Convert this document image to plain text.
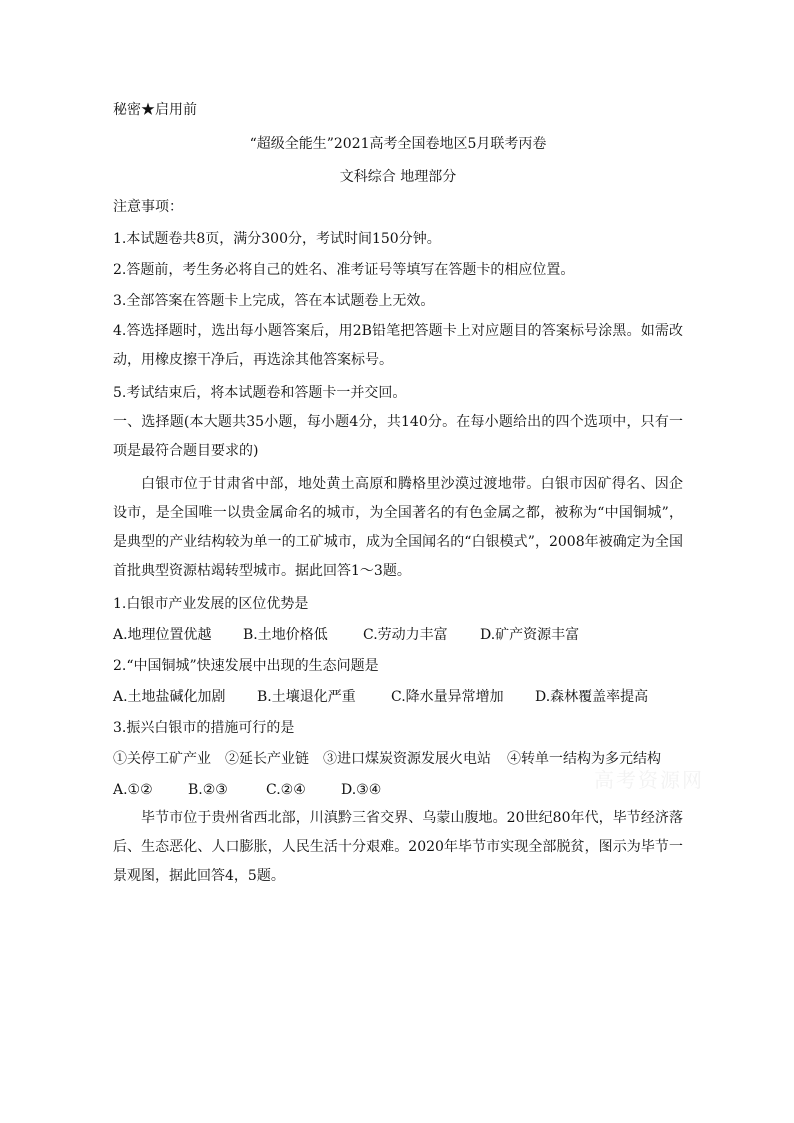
秘密★启用前
“超级全能生”2021高考全国卷地区5月联考丙卷
文科综合 地理部分
注意事项：
1.本试题卷共8页，满分300分，考试时间150分钟。
2.答题前，考生务必将自己的姓名、准考证号等填写在答题卡的相应位置。
3.全部答案在答题卡上完成，答在本试题卷上无效。
4.答选择题时，选出每小题答案后，用2B铅笔把答题卡上对应题目的答案标号涂黑。如需改动，用橡皮擦干净后，再选涂其他答案标号。
5.考试结束后，将本试题卷和答题卡一并交回。
一、选择题(本大题共35小题，每小题4分，共140分。在每小题给出的四个选项中，只有一项是最符合题目要求的)
白银市位于甘肃省中部，地处黄土高原和腾格里沙漠过渡地带。白银市因矿得名、因企设市，是全国唯一以贵金属命名的城市，为全国著名的有色金属之都，被称为“中国铜城”，是典型的产业结构较为单一的工矿城市，成为全国闻名的“白银模式”，2008年被确定为全国首批典型资源枯竭转型城市。据此回答1～3题。
1.白银市产业发展的区位优势是
A.地理位置优越	B.土地价格低	C.劳动力丰富	D.矿产资源丰富
2.“中国铜城”快速发展中出现的生态问题是
A.土地盐碱化加剧	B.土壤退化严重	C.降水量异常增加	D.森林覆盖率提高
3.振兴白银市的措施可行的是
①关停工矿产业	②延长产业链	③进口煤炭资源发展火电站	④转单一结构为多元结构
A.①②	B.②③	C.②④	D.③④
毕节市位于贵州省西北部，川滇黔三省交界、乌蒙山腹地。20世纪80年代，毕节经济落后、生态恶化、人口膨胀，人民生活十分艰难。2020年毕节市实现全部脱贫，图示为毕节一景观图，据此回答4，5题。
高考资源网
